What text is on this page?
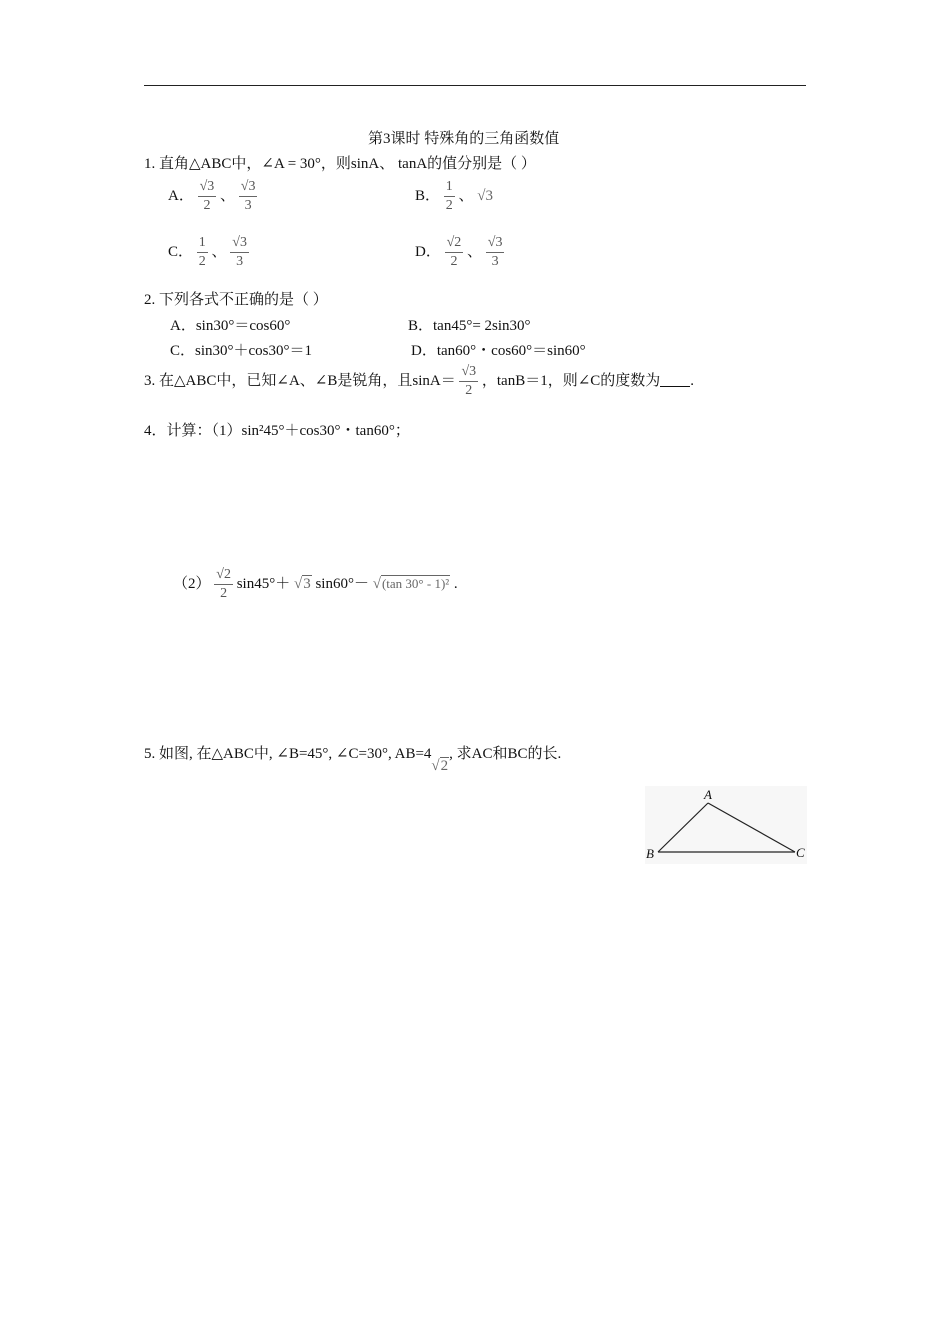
第3课时 特殊角的三角函数值
1. 直角△ABC中，∠A = 30°，则sinA、 tanA的值分别是（ ）
A． $\frac{√3}{2}$ 、 $\frac{√3}{3}$	B． $\frac{1}{2}$ 、 √3
C． $\frac{1}{2}$ 、 $\frac{√3}{3}$	D． $\frac{√2}{2}$ 、 $\frac{√3}{3}$
2. 下列各式不正确的是（ ）
A．sin30°＝cos60°	B．tan45°= 2sin30°
C．sin30°＋cos30°＝1	D．tan60°・cos60°＝sin60°
3. 在△ABC中，已知∠A、∠B是锐角，且$\sin A= \frac{√3}{2}$ ，tanB＝1，则∠C的度数为 .
4．计算：（1）sin²45°＋cos30°・tan60°；
$(2) \frac{√2}{2} \sin 45^\circ+ √3$ sin60°－ √(tan 30° - 1)² .
5. 如图, 在△ABC中, ∠B=45°, ∠C=30°, AB=4√2, 求AC和BC的长.
A
B	C
